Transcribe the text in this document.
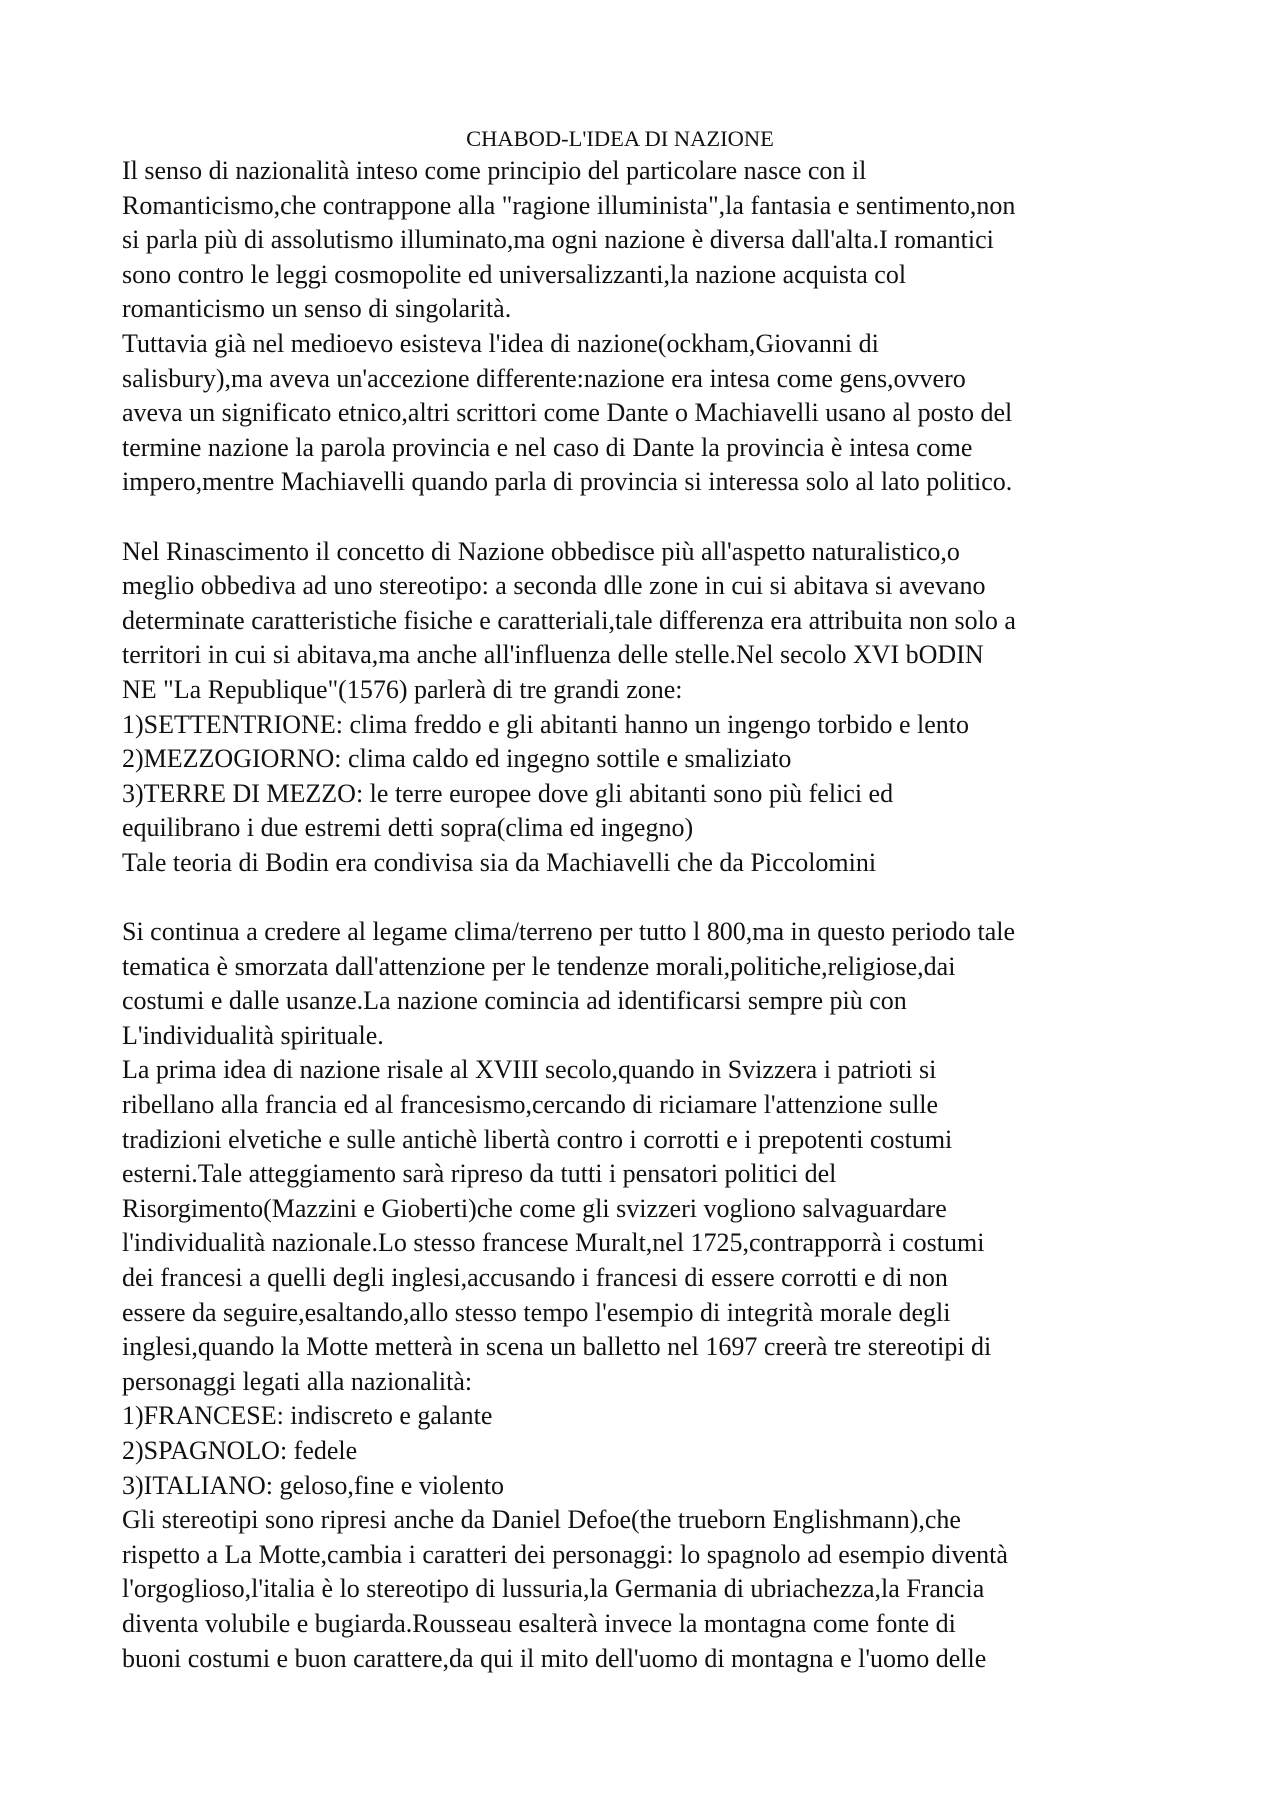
CHABOD-L'IDEA DI NAZIONE
Il senso di nazionalità inteso come principio del particolare nasce con il
Romanticismo,che contrappone alla "ragione illuminista",la fantasia e sentimento,non
si parla più di assolutismo illuminato,ma ogni nazione è diversa dall'alta.I romantici
sono contro le leggi cosmopolite ed universalizzanti,la nazione acquista col
romanticismo un senso di singolarità.
Tuttavia già nel medioevo esisteva l'idea di nazione(ockham,Giovanni di
salisbury),ma aveva un'accezione differente:nazione era intesa come gens,ovvero
aveva un significato etnico,altri scrittori come Dante o Machiavelli usano al posto del
termine nazione la parola provincia e nel caso di Dante la provincia è intesa come
impero,mentre Machiavelli quando parla di provincia si interessa solo al lato politico.
Nel Rinascimento il concetto di Nazione obbedisce più all'aspetto naturalistico,o
meglio obbediva ad uno stereotipo: a seconda dlle zone in cui si abitava si avevano
determinate caratteristiche fisiche e caratteriali,tale differenza era attribuita non solo a
territori in cui si abitava,ma anche all'influenza delle stelle.Nel secolo XVI bODIN
NE "La Republique"(1576) parlerà di tre grandi zone:
1)SETTENTRIONE: clima freddo e gli abitanti hanno un ingengo torbido e lento
2)MEZZOGIORNO: clima caldo ed ingegno sottile e smaliziato
3)TERRE DI MEZZO: le terre europee dove gli abitanti sono più felici ed
equilibrano i due estremi detti sopra(clima ed ingegno)
Tale teoria di Bodin era condivisa sia da Machiavelli che da Piccolomini
Si continua a credere al legame clima/terreno per tutto l 800,ma in questo periodo tale
tematica è smorzata dall'attenzione per le tendenze morali,politiche,religiose,dai
costumi e dalle usanze.La nazione comincia ad identificarsi sempre più con
L'individualità spirituale.
La prima idea di nazione risale al XVIII secolo,quando in Svizzera i patrioti si
ribellano alla francia ed al francesismo,cercando di riciamare l'attenzione sulle
tradizioni elvetiche e sulle antichè libertà contro i corrotti e i prepotenti costumi
esterni.Tale atteggiamento sarà ripreso da tutti i pensatori politici del
Risorgimento(Mazzini e Gioberti)che come gli svizzeri vogliono salvaguardare
l'individualità nazionale.Lo stesso francese Muralt,nel 1725,contrapporrà i costumi
dei francesi a quelli degli inglesi,accusando i francesi di essere corrotti e di non
essere da seguire,esaltando,allo stesso tempo l'esempio di integrità morale degli
inglesi,quando la Motte metterà in scena un balletto nel 1697 creerà tre stereotipi di
personaggi legati alla nazionalità:
1)FRANCESE: indiscreto e galante
2)SPAGNOLO: fedele
3)ITALIANO: geloso,fine e violento
Gli stereotipi sono ripresi anche da Daniel Defoe(the trueborn Englishmann),che
rispetto a La Motte,cambia i caratteri dei personaggi: lo spagnolo ad esempio diventà
l'orgoglioso,l'italia è lo stereotipo di lussuria,la Germania di ubriachezza,la Francia
diventa volubile e bugiarda.Rousseau esalterà invece la montagna come fonte di
buoni costumi e buon carattere,da qui il mito dell'uomo di montagna e l'uomo delle
